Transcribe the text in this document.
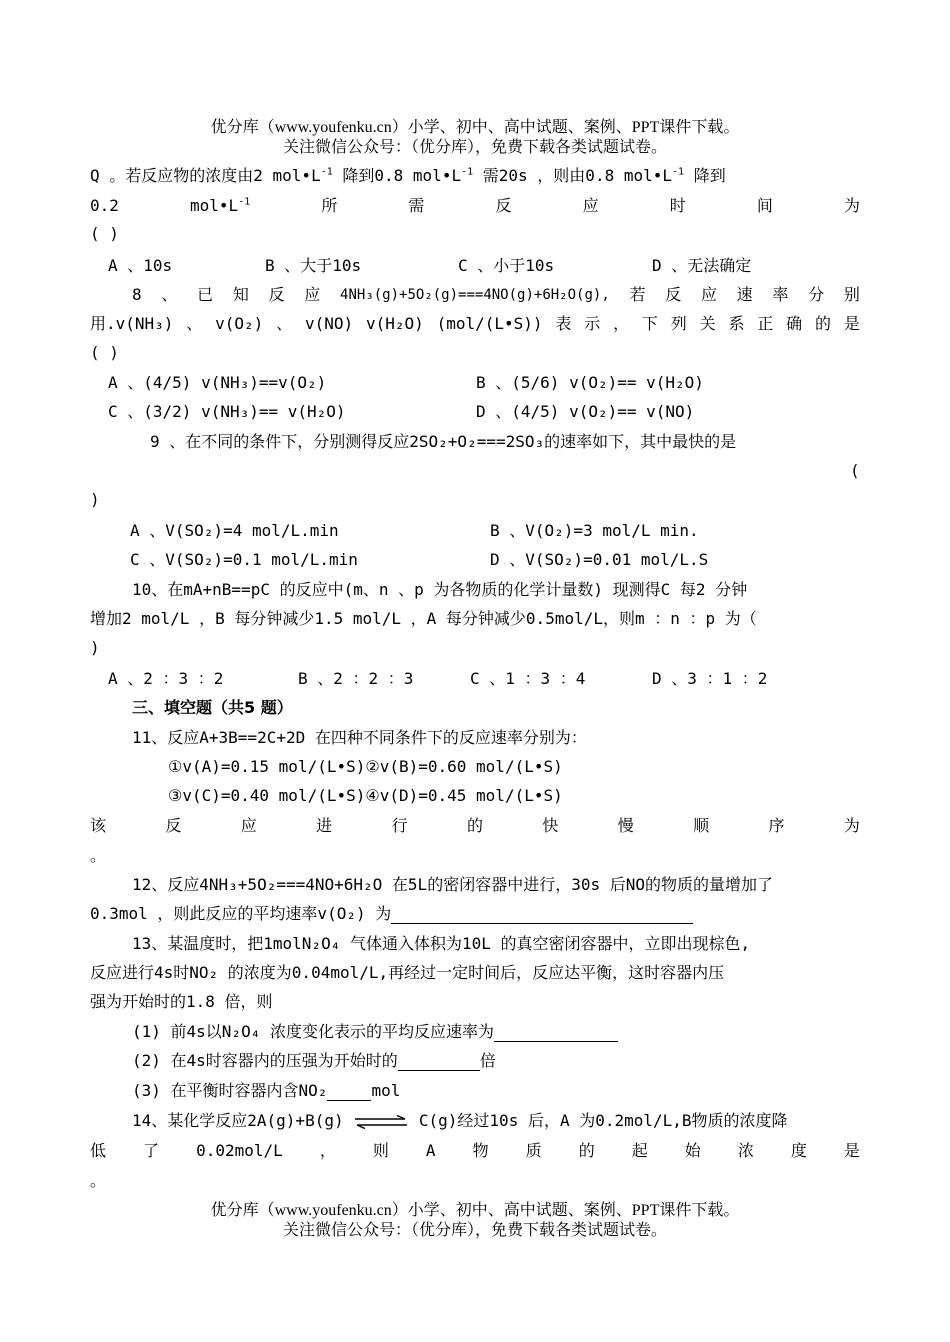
优分库（www.youfenku.cn）小学、初中、高中试题、案例、PPT课件下载。
关注微信公众号：（优分库），免费下载各类试题试卷。
Q 。若反应物的浓度由2 $mol•L^{-1}$ 降到0.8 $mol•L^{-1}$ 需20s ，则由0.8 $mol•L^{-1}$ 降到
0.2	$mol•L^{-1}$	所	需	反	应	时	间	为
( )
A 、10s	B 、大于10s	C 、小于10s	D 、无法确定
8 、 已 知 反 应 4NH₃(g)+5O₂(g)===4NO(g)+6H₂O(g), 若 反 应 速 率 分 别
用.v(NH₃) 、 v(O₂) 、 v(NO) v(H₂O) (mol/(L•S)) 表 示 ， 下 列 关 系 正 确 的 是
( )
A 、(4/5) v(NH₃)==v(O₂)	B 、(5/6) v(O₂)== v(H₂O)
C 、(3/2) v(NH₃)== v(H₂O)	D 、(4/5) v(O₂)== v(NO)
9 、在不同的条件下，分别测得反应2SO₂+O₂===2SO₃的速率如下，其中最快的是
(
)
A 、V(SO₂)=4 mol/L.min	B 、V(O₂)=3 mol/L min.
C 、V(SO₂)=0.1 mol/L.min	D 、V(SO₂)=0.01 mol/L.S
10、在mA+nB==pC 的反应中(m、n 、p 为各物质的化学计量数) 现测得C 每2 分钟
增加2 mol/L ，B 每分钟减少1.5 mol/L ，A 每分钟减少0.5mol/L，则m ：n ：p 为（
)
A 、2 ：3 ：2	B 、2 ：2 ：3	C 、1 ：3 ：4	D 、3 ：1 ：2
三、填空题（共5 题）
11、反应A+3B==2C+2D 在四种不同条件下的反应速率分别为：
①v(A)=0.15 mol/(L•S)②v(B)=0.60 mol/(L•S)
③v(C)=0.40 mol/(L•S)④v(D)=0.45 mol/(L•S)
该	反	应	进	行	的	快	慢	顺	序	为
。
12、反应4NH₃+5O₂===4NO+6H₂O 在5L的密闭容器中进行，30s 后NO的物质的量增加了
0.3mol ，则此反应的平均速率v(O₂) 为
13、某温度时，把1molN₂O₄ 气体通入体积为10L 的真空密闭容器中，立即出现棕色,
反应进行4s时NO₂ 的浓度为0.04mol/L,再经过一定时间后，反应达平衡，这时容器内压
强为开始时的1.8 倍，则
(1) 前4s以N₂O₄ 浓度变化表示的平均反应速率为
(2) 在4s时容器内的压强为开始时的	倍
(3) 在平衡时容器内含NO₂	mol
14、某化学反应2A(g)+B(g) ⇌ C(g)经过10s 后，A 为0.2mol/L,B物质的浓度降
低 了 0.02mol/L ， 则 A 物 质 的 起 始 浓 度 是
。
优分库（www.youfenku.cn）小学、初中、高中试题、案例、PPT课件下载。
关注微信公众号：（优分库），免费下载各类试题试卷。
